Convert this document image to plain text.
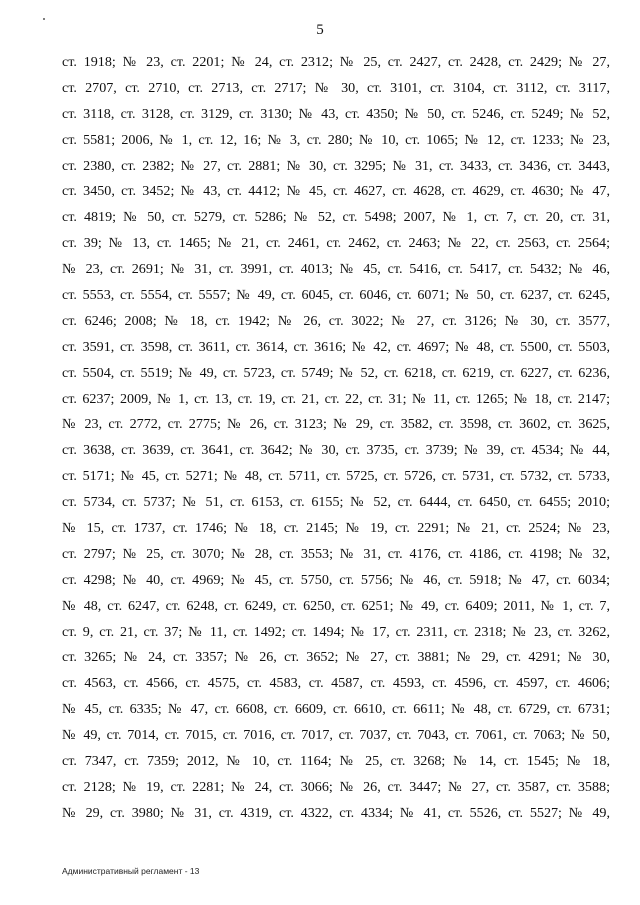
5
ст. 1918; № 23, ст. 2201; № 24, ст. 2312; № 25, ст. 2427, ст. 2428, ст. 2429; № 27,
ст. 2707, ст. 2710, ст. 2713, ст. 2717; № 30, ст. 3101, ст. 3104, ст. 3112, ст. 3117,
ст. 3118, ст. 3128, ст. 3129, ст. 3130; № 43, ст. 4350; № 50, ст. 5246, ст. 5249; № 52,
ст. 5581; 2006, № 1, ст. 12, 16; № 3, ст. 280; № 10, ст. 1065; № 12, ст. 1233; № 23,
ст. 2380, ст. 2382; № 27, ст. 2881; № 30, ст. 3295; № 31, ст. 3433, ст. 3436, ст. 3443,
ст. 3450, ст. 3452; № 43, ст. 4412; № 45, ст. 4627, ст. 4628, ст. 4629, ст. 4630; № 47,
ст. 4819; № 50, ст. 5279, ст. 5286; № 52, ст. 5498; 2007, № 1, ст. 7, ст. 20, ст. 31,
ст. 39; № 13, ст. 1465; № 21, ст. 2461, ст. 2462, ст. 2463; № 22, ст. 2563, ст. 2564;
№ 23, ст. 2691; № 31, ст. 3991, ст. 4013; № 45, ст. 5416, ст. 5417, ст. 5432; № 46,
ст. 5553, ст. 5554, ст. 5557; № 49, ст. 6045, ст. 6046, ст. 6071; № 50, ст. 6237, ст. 6245,
ст. 6246; 2008; № 18, ст. 1942; № 26, ст. 3022; № 27, ст. 3126; № 30, ст. 3577,
ст. 3591, ст. 3598, ст. 3611, ст. 3614, ст. 3616; № 42, ст. 4697; № 48, ст. 5500, ст. 5503,
ст. 5504, ст. 5519; № 49, ст. 5723, ст. 5749; № 52, ст. 6218, ст. 6219, ст. 6227, ст. 6236,
ст. 6237; 2009, № 1, ст. 13, ст. 19, ст. 21, ст. 22, ст. 31; № 11, ст. 1265; № 18, ст. 2147;
№ 23, ст. 2772, ст. 2775; № 26, ст. 3123; № 29, ст. 3582, ст. 3598, ст. 3602, ст. 3625,
ст. 3638, ст. 3639, ст. 3641, ст. 3642; № 30, ст. 3735, ст. 3739; № 39, ст. 4534; № 44,
ст. 5171; № 45, ст. 5271; № 48, ст. 5711, ст. 5725, ст. 5726, ст. 5731, ст. 5732, ст. 5733,
ст. 5734, ст. 5737; № 51, ст. 6153, ст. 6155; № 52, ст. 6444, ст. 6450, ст. 6455; 2010;
№ 15, ст. 1737, ст. 1746; № 18, ст. 2145; № 19, ст. 2291; № 21, ст. 2524; № 23,
ст. 2797; № 25, ст. 3070; № 28, ст. 3553; № 31, ст. 4176, ст. 4186, ст. 4198; № 32,
ст. 4298; № 40, ст. 4969; № 45, ст. 5750, ст. 5756; № 46, ст. 5918; № 47, ст. 6034;
№ 48, ст. 6247, ст. 6248, ст. 6249, ст. 6250, ст. 6251; № 49, ст. 6409; 2011, № 1, ст. 7,
ст. 9, ст. 21, ст. 37; № 11, ст. 1492; ст. 1494; № 17, ст. 2311, ст. 2318; № 23, ст. 3262,
ст. 3265; № 24, ст. 3357; № 26, ст. 3652; № 27, ст. 3881; № 29, ст. 4291; № 30,
ст. 4563, ст. 4566, ст. 4575, ст. 4583, ст. 4587, ст. 4593, ст. 4596, ст. 4597, ст. 4606;
№ 45, ст. 6335; № 47, ст. 6608, ст. 6609, ст. 6610, ст. 6611; № 48, ст. 6729, ст. 6731;
№ 49, ст. 7014, ст. 7015, ст. 7016, ст. 7017, ст. 7037, ст. 7043, ст. 7061, ст. 7063; № 50,
ст. 7347, ст. 7359; 2012, № 10, ст. 1164; № 25, ст. 3268; № 14, ст. 1545; № 18,
ст. 2128; № 19, ст. 2281; № 24, ст. 3066; № 26, ст. 3447; № 27, ст. 3587, ст. 3588;
№ 29, ст. 3980; № 31, ст. 4319, ст. 4322, ст. 4334; № 41, ст. 5526, ст. 5527; № 49,
Административный регламент - 13
